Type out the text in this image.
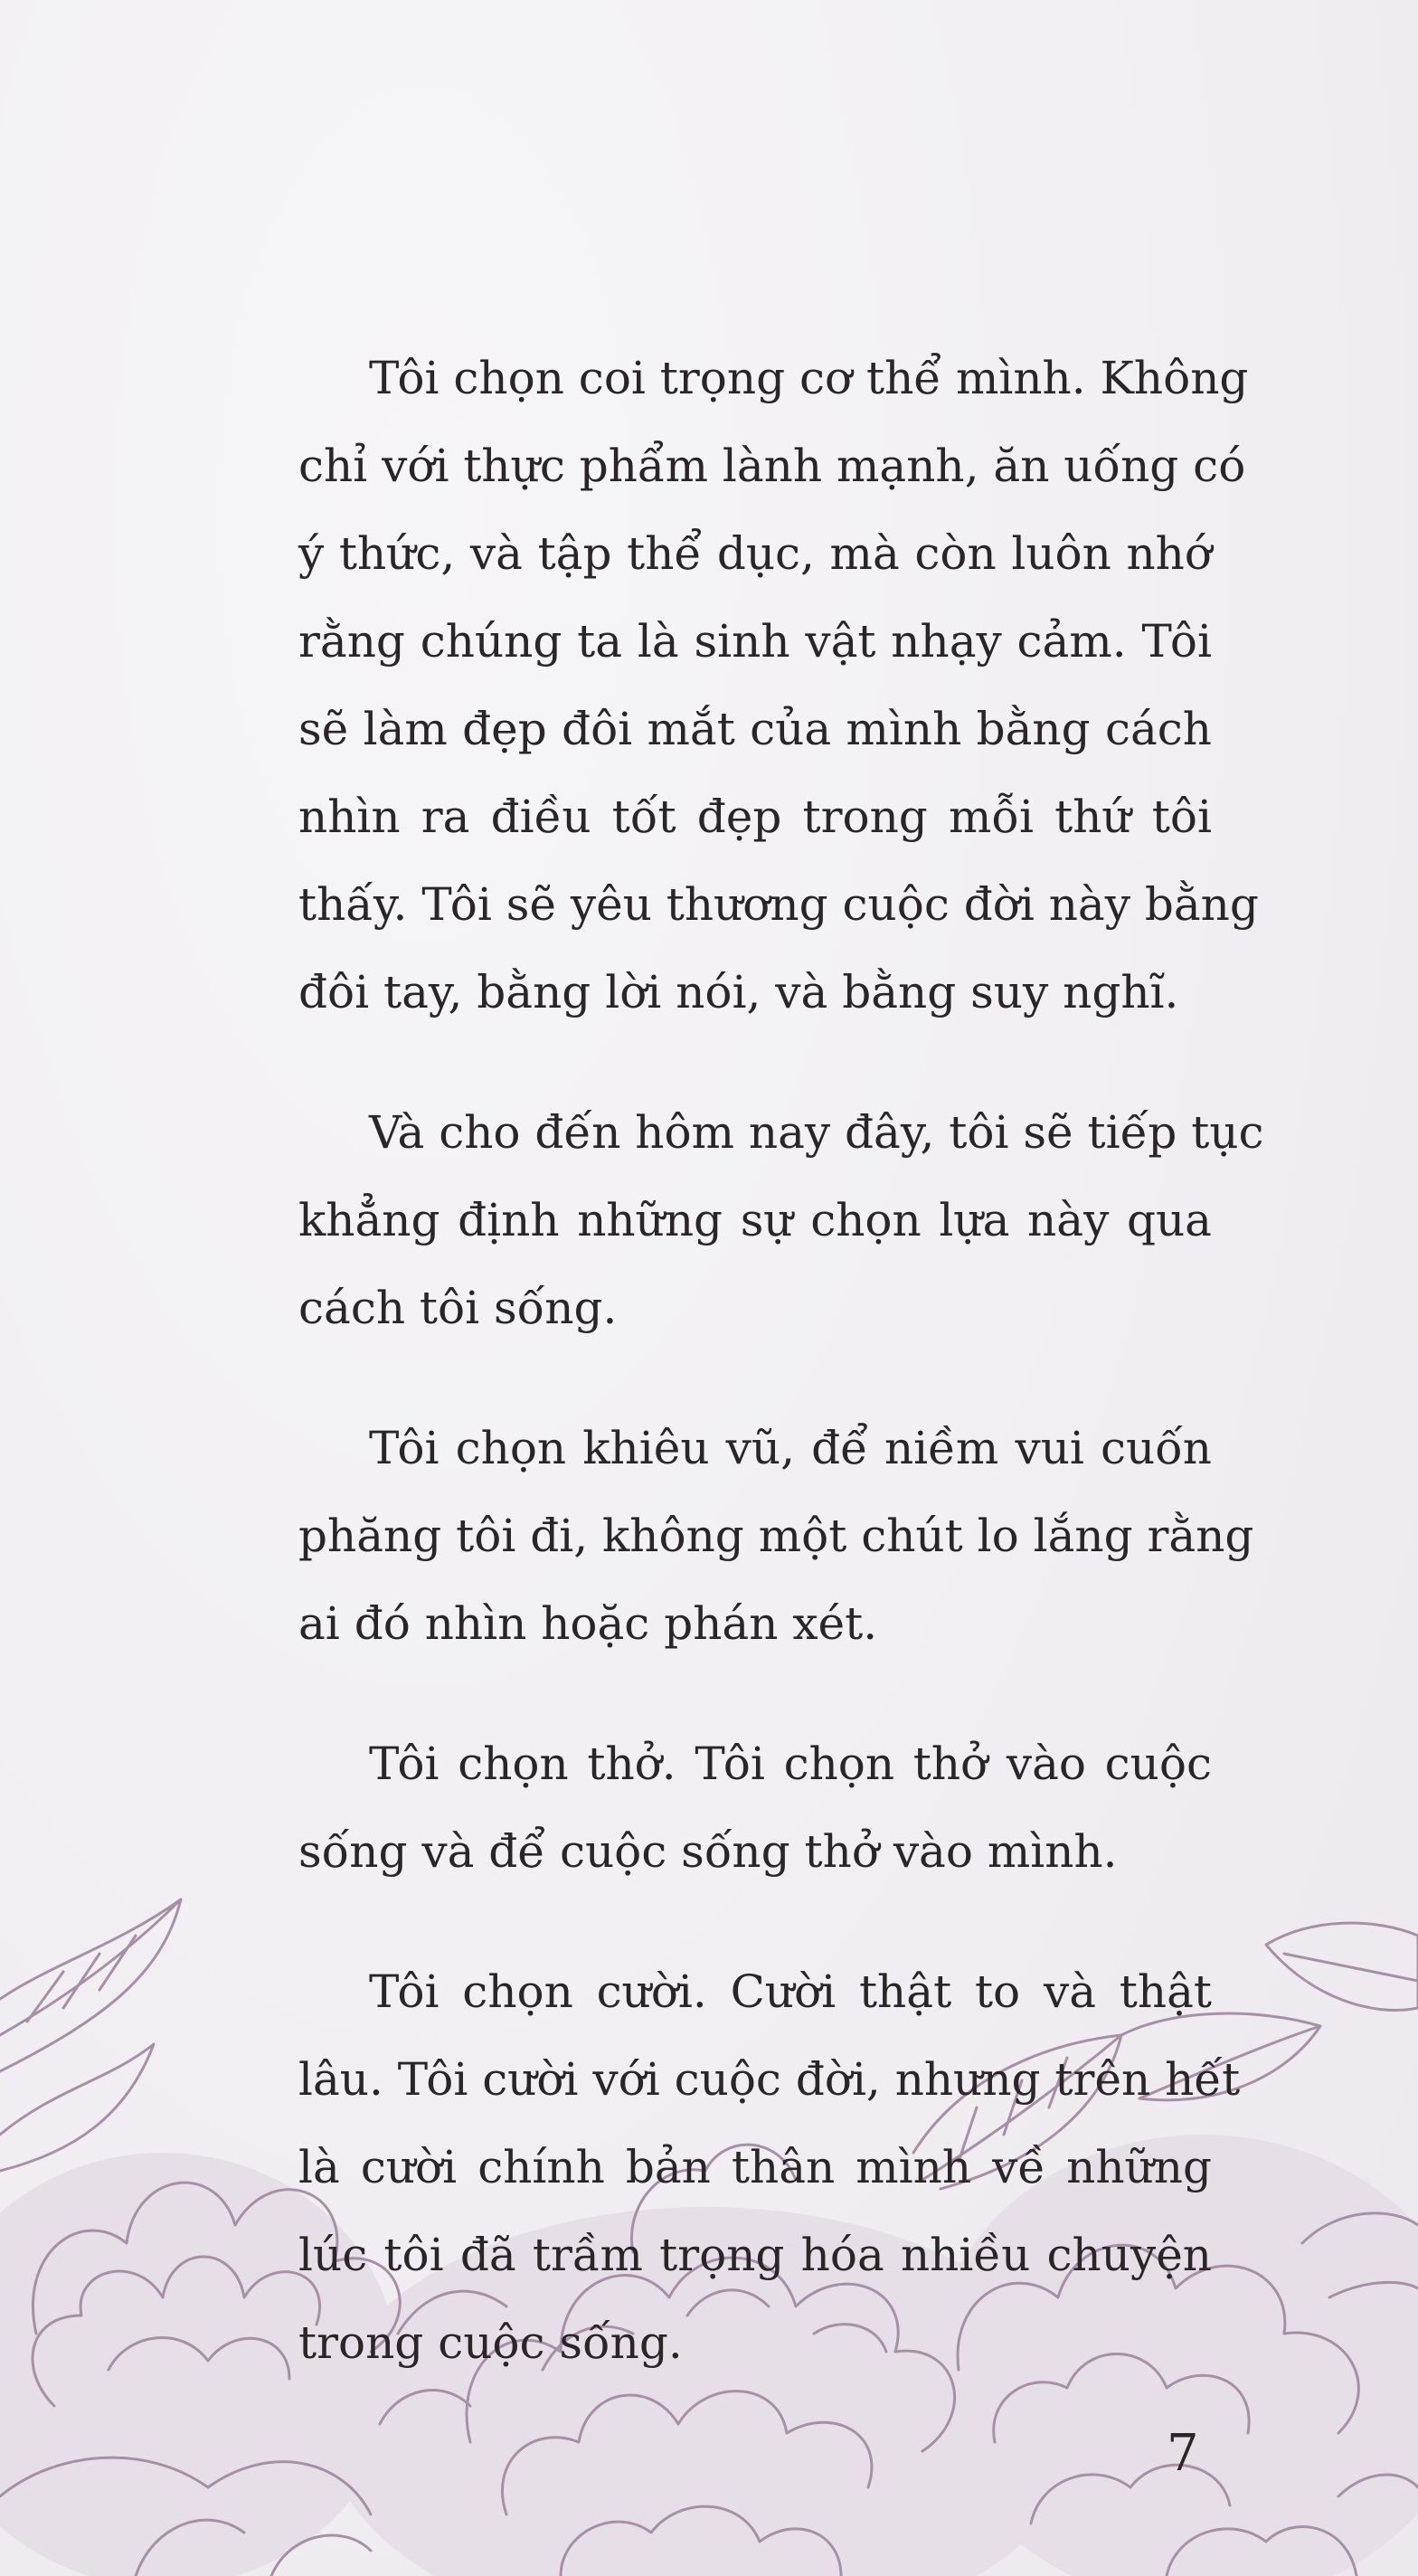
Tôi chọn coi trọng cơ thể mình. Không
chỉ với thực phẩm lành mạnh, ăn uống có
ý thức, và tập thể dục, mà còn luôn nhớ
rằng chúng ta là sinh vật nhạy cảm. Tôi
sẽ làm đẹp đôi mắt của mình bằng cách
nhìn ra điều tốt đẹp trong mỗi thứ tôi
thấy. Tôi sẽ yêu thương cuộc đời này bằng
đôi tay, bằng lời nói, và bằng suy nghĩ.

Và cho đến hôm nay đây, tôi sẽ tiếp tục
khẳng định những sự chọn lựa này qua
cách tôi sống.

Tôi chọn khiêu vũ, để niềm vui cuốn
phăng tôi đi, không một chút lo lắng rằng
ai đó nhìn hoặc phán xét.

Tôi chọn thở. Tôi chọn thở vào cuộc
sống và để cuộc sống thở vào mình.

Tôi chọn cười. Cười thật to và thật
lâu. Tôi cười với cuộc đời, nhưng trên hết
là cười chính bản thân mình về những
lúc tôi đã trầm trọng hóa nhiều chuyện
trong cuộc sống.

7
